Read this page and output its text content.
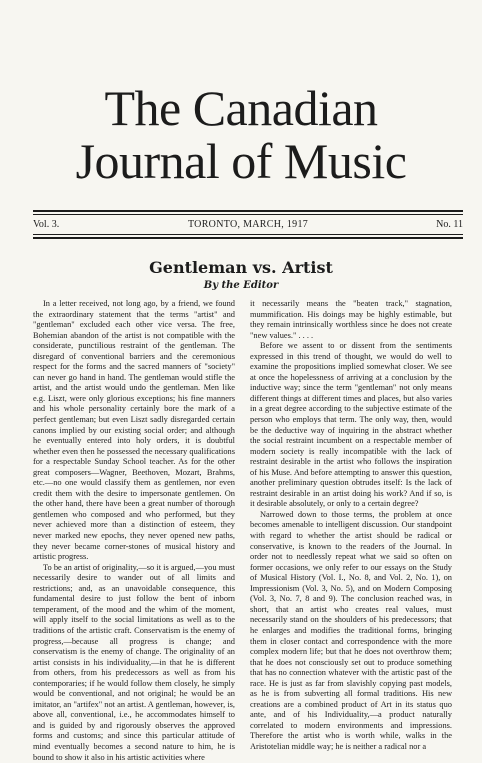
The Canadian
Journal of Music
Vol. 3.	TORONTO, MARCH, 1917	No. 11
Gentleman vs. Artist
By the Editor

In a letter received, not long ago, by a friend, we found the extraordinary statement that the terms "artist" and "gentleman" excluded each other vice versa. The free, Bohemian abandon of the artist is not compatible with the considerate, punctilious restraint of the gentleman. The disregard of conventional barriers and the ceremonious respect for the forms and the sacred manners of "society" can never go hand in hand. The gentleman would stifle the artist, and the artist would undo the gentleman. Men like e.g. Liszt, were only glorious exceptions; his fine manners and his whole personality certainly bore the mark of a perfect gentleman; but even Liszt sadly disregarded certain canons implied by our existing social order; and although he eventually entered into holy orders, it is doubtful whether even then he possessed the necessary qualifications for a respectable Sunday School teacher. As for the other great composers—Wagner, Beethoven, Mozart, Brahms, etc.—no one would classify them as gentlemen, nor even credit them with the desire to impersonate gentlemen. On the other hand, there have been a great number of thorough gentlemen who composed and who performed, but they never achieved more than a distinction of esteem, they never marked new epochs, they never opened new paths, they never became corner-stones of musical history and artistic progress.

To be an artist of originality,—so it is argued,—you must necessarily desire to wander out of all limits and restrictions; and, as an unavoidable consequence, this fundamental desire to just follow the bent of inborn temperament, of the mood and the whim of the moment, will apply itself to the social limitations as well as to the traditions of the artistic craft. Conservatism is the enemy of progress,—because all progress is change; and conservatism is the enemy of change. The originality of an artist consists in his individuality,—in that he is different from others, from his predecessors as well as from his contemporaries; if he would follow them closely, he simply would be conventional, and not original; he would be an imitator, an "artifex" not an artist. A gentleman, however, is, above all, conventional, i.e., he accommodates himself to and is guided by and rigorously observes the approved forms and customs; and since this particular attitude of mind eventually becomes a second nature to him, he is bound to show it also in his artistic activities where

it necessarily means the "beaten track," stagnation, mummification. His doings may be highly estimable, but they remain intrinsically worthless since he does not create "new values." . . . .

Before we assent to or dissent from the sentiments expressed in this trend of thought, we would do well to examine the propositions implied somewhat closer. We see at once the hopelessness of arriving at a conclusion by the inductive way; since the term "gentleman" not only means different things at different times and places, but also varies in a great degree according to the subjective estimate of the person who employs that term. The only way, then, would be the deductive way of inquiring in the abstract whether the social restraint incumbent on a respectable member of modern society is really incompatible with the lack of restraint desirable in the artist who follows the inspiration of his Muse. And before attempting to answer this question, another preliminary question obtrudes itself: Is the lack of restraint desirable in an artist doing his work? And if so, is it desirable absolutely, or only to a certain degree?

Narrowed down to those terms, the problem at once becomes amenable to intelligent discussion. Our standpoint with regard to whether the artist should be radical or conservative, is known to the readers of the Journal. In order not to needlessly repeat what we said so often on former occasions, we only refer to our essays on the Study of Musical History (Vol. I., No. 8, and Vol. 2, No. 1), on Impressionism (Vol. 3, No. 5), and on Modern Composing (Vol. 3, No. 7, 8 and 9). The conclusion reached was, in short, that an artist who creates real values, must necessarily stand on the shoulders of his predecessors; that he enlarges and modifies the traditional forms, bringing them in closer contact and correspondence with the more complex modern life; but that he does not overthrow them; that he does not consciously set out to produce something that has no connection whatever with the artistic past of the race. He is just as far from slavishly copying past models, as he is from subverting all formal traditions. His new creations are a combined product of Art in its status quo ante, and of his Individuality,—a product naturally correlated to modern environments and impressions. Therefore the artist who is worth while, walks in the Aristotelian middle way; he is neither a radical nor a
